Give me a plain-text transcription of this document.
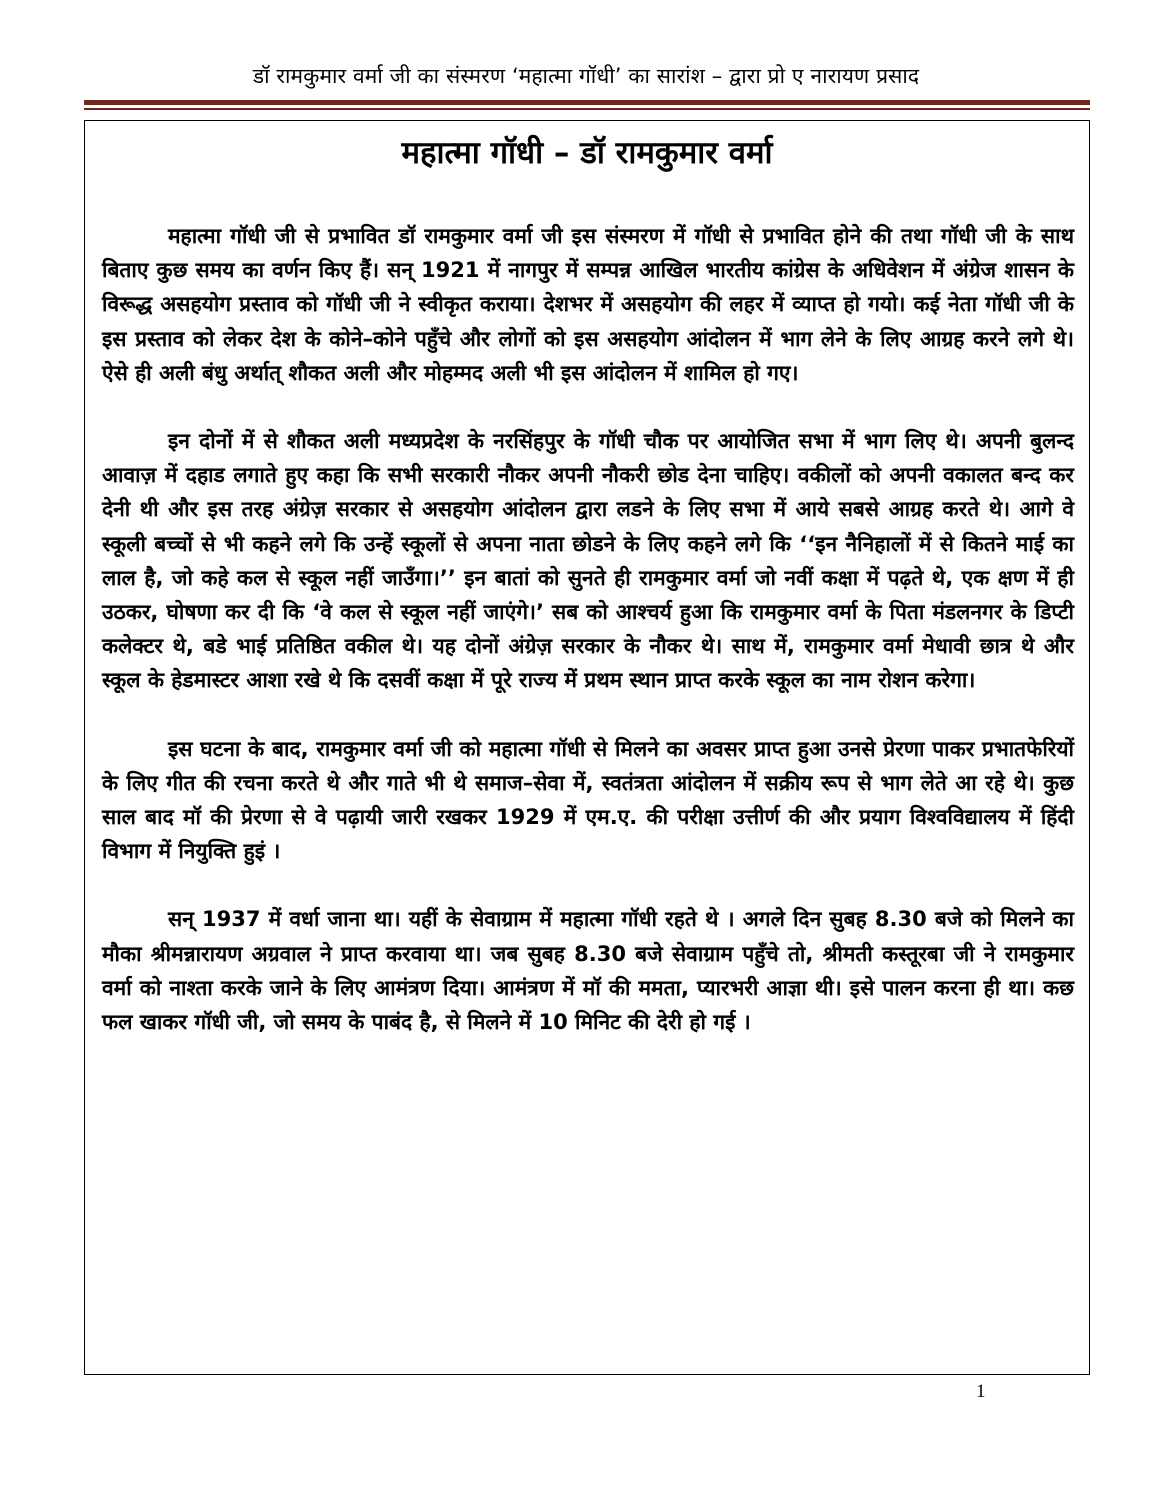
डॉ रामकुमार वर्मा जी का संस्मरण ‘महात्मा गॉधी’ का सारांश – द्वारा प्रो ए नारायण प्रसाद
महात्मा गॉधी – डॉ रामकुमार वर्मा

महात्मा गॉधी जी से प्रभावित डॉ रामकुमार वर्मा जी इस संस्मरण में गॉधी से प्रभावित होने की तथा गॉधी जी के साथ बिताए कुछ समय का वर्णन किए हैं। सन् 1921 में नागपुर में सम्पन्न आखिल भारतीय कांग्रेस के अधिवेशन में अंग्रेज शासन के विरूद्ध असहयोग प्रस्ताव को गॉधी जी ने स्वीकृत कराया। देशभर में असहयोग की लहर में व्याप्त हो गयो। कई नेता गॉधी जी के इस प्रस्ताव को लेकर देश के कोने–कोने पहुँचे और लोगों को इस असहयोग आंदोलन में भाग लेने के लिए आग्रह करने लगे थे। ऐसे ही अली बंधु अर्थात् शौकत अली और मोहम्मद अली भी इस आंदोलन में शामिल हो गए।

इन दोनों में से शौकत अली मध्यप्रदेश के नरसिंहपुर के गॉधी चौक पर आयोजित सभा में भाग लिए थे। अपनी बुलन्द आवाज़ में दहाड लगाते हुए कहा कि सभी सरकारी नौकर अपनी नौकरी छोड देना चाहिए। वकीलों को अपनी वकालत बन्द कर देनी थी और इस तरह अंग्रेज़ सरकार से असहयोग आंदोलन द्वारा लडने के लिए सभा में आये सबसे आग्रह करते थे। आगे वे स्कूली बच्चों से भी कहने लगे कि उन्हें स्कूलों से अपना नाता छोडने के लिए कहने लगे कि ‘‘इन नैनिहालों में से कितने माई का लाल है, जो कहे कल से स्कूल नहीं जाउँगा।’’ इन बातां को सुनते ही रामकुमार वर्मा जो नवीं कक्षा में पढ़ते थे, एक क्षण में ही उठकर, घोषणा कर दी कि ‘वे कल से स्कूल नहीं जाएंगे।’ सब को आश्चर्य हुआ कि रामकुमार वर्मा के पिता मंडलनगर के डिप्टी कलेक्टर थे, बडे भाई प्रतिष्ठित वकील थे। यह दोनों अंग्रेज़ सरकार के नौकर थे। साथ में, रामकुमार वर्मा मेधावी छात्र थे और स्कूल के हेडमास्टर आशा रखे थे कि दसवीं कक्षा में पूरे राज्य में प्रथम स्थान प्राप्त करके स्कूल का नाम रोशन करेगा।

इस घटना के बाद, रामकुमार वर्मा जी को महात्मा गॉधी से मिलने का अवसर प्राप्त हुआ उनसे प्रेरणा पाकर प्रभातफेरियों के लिए गीत की रचना करते थे और गाते भी थे समाज–सेवा में, स्वतंत्रता आंदोलन में सक्रीय रूप से भाग लेते आ रहे थे। कुछ साल बाद मॉ की प्रेरणा से वे पढ़ायी जारी रखकर 1929 में एम.ए. की परीक्षा उत्तीर्ण की और प्रयाग विश्वविद्यालय में हिंदी विभाग में नियुक्ति हुइं ।

सन् 1937 में वर्धा जाना था। यहीं के सेवाग्राम में महात्मा गॉधी रहते थे । अगले दिन सुबह 8.30 बजे को मिलने का मौका श्रीमन्नारायण अग्रवाल ने प्राप्त करवाया था। जब सुबह 8.30 बजे सेवाग्राम पहुँचे तो, श्रीमती कस्तूरबा जी ने रामकुमार वर्मा को नाश्ता करके जाने के लिए आमंत्रण दिया। आमंत्रण में मॉ की ममता, प्यारभरी आज्ञा थी। इसे पालन करना ही था। कछ फल खाकर गॉधी जी, जो समय के पाबंद है, से मिलने में 10 मिनिट की देरी हो गई ।

1
